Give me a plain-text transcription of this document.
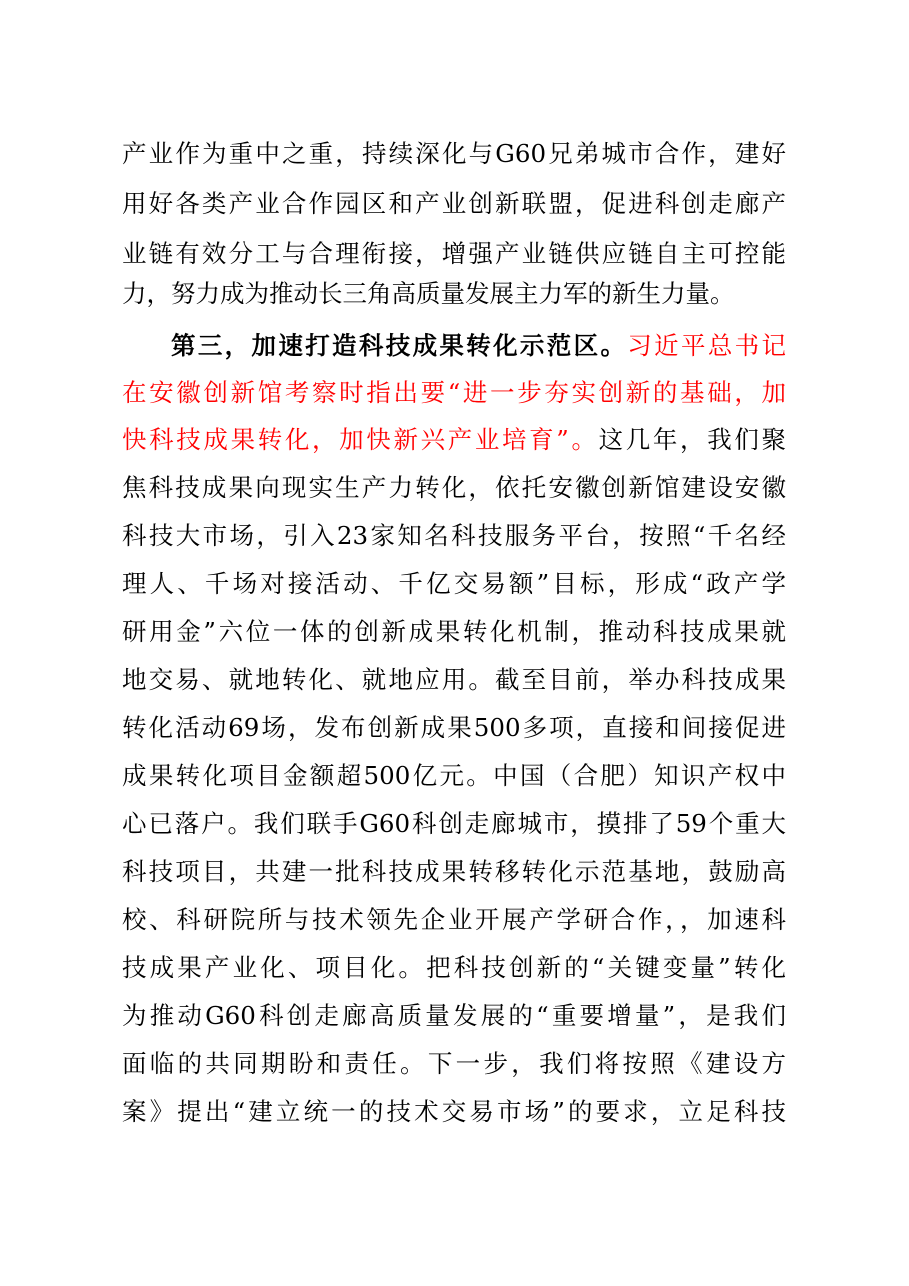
产业作为重中之重，持续深化与G60兄弟城市合作，建好
用好各类产业合作园区和产业创新联盟，促进科创走廊产
业链有效分工与合理衔接，增强产业链供应链自主可控能
力，努力成为推动长三角高质量发展主力军的新生力量。
第三，加速打造科技成果转化示范区。习近平总书记
在安徽创新馆考察时指出要“进一步夯实创新的基础，加
快科技成果转化，加快新兴产业培育”。这几年，我们聚
焦科技成果向现实生产力转化，依托安徽创新馆建设安徽
科技大市场，引入23家知名科技服务平台，按照“千名经
理人、千场对接活动、千亿交易额”目标，形成“政产学
研用金”六位一体的创新成果转化机制，推动科技成果就
地交易、就地转化、就地应用。截至目前，举办科技成果
转化活动69场，发布创新成果500多项，直接和间接促进
成果转化项目金额超500亿元。中国（合肥）知识产权中
心已落户。我们联手G60科创走廊城市，摸排了59个重大
科技项目，共建一批科技成果转移转化示范基地，鼓励高
校、科研院所与技术领先企业开展产学研合作，，加速科
技成果产业化、项目化。把科技创新的“关键变量”转化
为推动G60科创走廊高质量发展的“重要增量”，是我们
面临的共同期盼和责任。下一步，我们将按照《建设方
案》提出“建立统一的技术交易市场”的要求，立足科技
